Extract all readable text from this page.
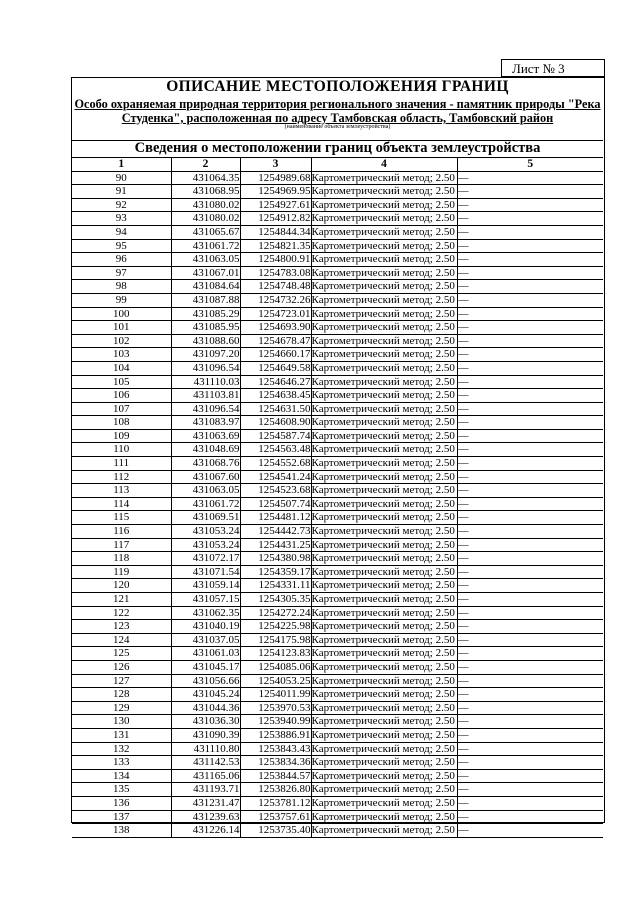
Лист № 3
ОПИСАНИЕ МЕСТОПОЛОЖЕНИЯ ГРАНИЦ
Особо охраняемая природная территория регионального значения - памятник природы "Река
Студенка", расположенная по адресу Тамбовская область, Тамбовский район
(наименование объекта землеустройства)
Сведения о местоположении границ объекта землеустройства
1	2	3	4	5
90	431064.35	1254989.68	Картометрический метод; 2.50	—
91	431068.95	1254969.95	Картометрический метод; 2.50	—
92	431080.02	1254927.61	Картометрический метод; 2.50	—
93	431080.02	1254912.82	Картометрический метод; 2.50	—
94	431065.67	1254844.34	Картометрический метод; 2.50	—
95	431061.72	1254821.35	Картометрический метод; 2.50	—
96	431063.05	1254800.91	Картометрический метод; 2.50	—
97	431067.01	1254783.08	Картометрический метод; 2.50	—
98	431084.64	1254748.48	Картометрический метод; 2.50	—
99	431087.88	1254732.26	Картометрический метод; 2.50	—
100	431085.29	1254723.01	Картометрический метод; 2.50	—
101	431085.95	1254693.90	Картометрический метод; 2.50	—
102	431088.60	1254678.47	Картометрический метод; 2.50	—
103	431097.20	1254660.17	Картометрический метод; 2.50	—
104	431096.54	1254649.58	Картометрический метод; 2.50	—
105	431110.03	1254646.27	Картометрический метод; 2.50	—
106	431103.81	1254638.45	Картометрический метод; 2.50	—
107	431096.54	1254631.50	Картометрический метод; 2.50	—
108	431083.97	1254608.90	Картометрический метод; 2.50	—
109	431063.69	1254587.74	Картометрический метод; 2.50	—
110	431048.69	1254563.48	Картометрический метод; 2.50	—
111	431068.76	1254552.68	Картометрический метод; 2.50	—
112	431067.60	1254541.24	Картометрический метод; 2.50	—
113	431063.05	1254523.68	Картометрический метод; 2.50	—
114	431061.72	1254507.74	Картометрический метод; 2.50	—
115	431069.51	1254481.12	Картометрический метод; 2.50	—
116	431053.24	1254442.73	Картометрический метод; 2.50	—
117	431053.24	1254431.25	Картометрический метод; 2.50	—
118	431072.17	1254380.98	Картометрический метод; 2.50	—
119	431071.54	1254359.17	Картометрический метод; 2.50	—
120	431059.14	1254331.11	Картометрический метод; 2.50	—
121	431057.15	1254305.35	Картометрический метод; 2.50	—
122	431062.35	1254272.24	Картометрический метод; 2.50	—
123	431040.19	1254225.98	Картометрический метод; 2.50	—
124	431037.05	1254175.98	Картометрический метод; 2.50	—
125	431061.03	1254123.83	Картометрический метод; 2.50	—
126	431045.17	1254085.06	Картометрический метод; 2.50	—
127	431056.66	1254053.25	Картометрический метод; 2.50	—
128	431045.24	1254011.99	Картометрический метод; 2.50	—
129	431044.36	1253970.53	Картометрический метод; 2.50	—
130	431036.30	1253940.99	Картометрический метод; 2.50	—
131	431090.39	1253886.91	Картометрический метод; 2.50	—
132	431110.80	1253843.43	Картометрический метод; 2.50	—
133	431142.53	1253834.36	Картометрический метод; 2.50	—
134	431165.06	1253844.57	Картометрический метод; 2.50	—
135	431193.71	1253826.80	Картометрический метод; 2.50	—
136	431231.47	1253781.12	Картометрический метод; 2.50	—
137	431239.63	1253757.61	Картометрический метод; 2.50	—
138	431226.14	1253735.40	Картометрический метод; 2.50	—
